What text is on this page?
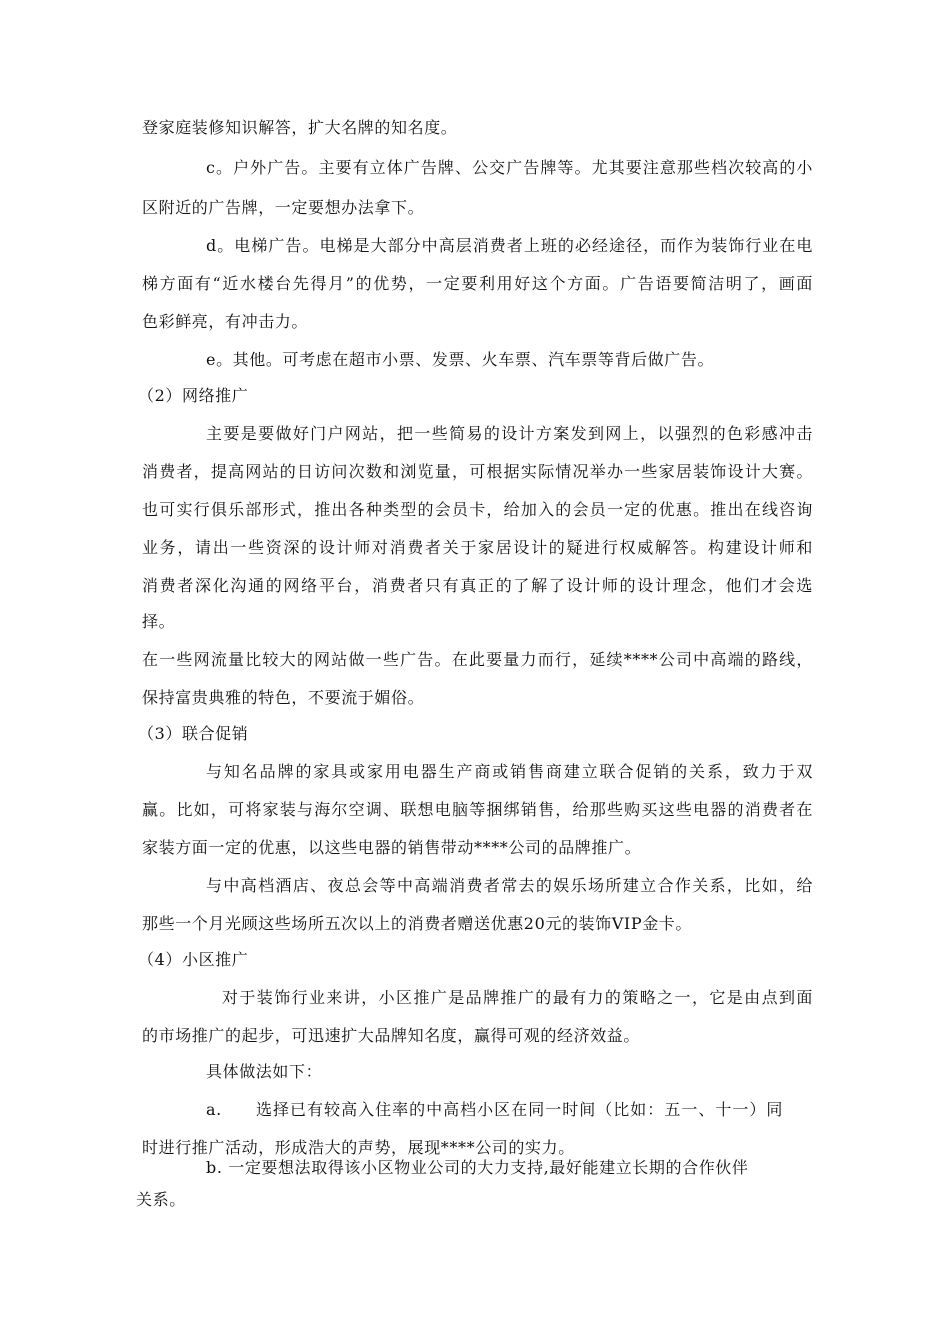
登家庭装修知识解答，扩大名牌的知名度。
c。户外广告。主要有立体广告牌、公交广告牌等。尤其要注意那些档次较高的小
区附近的广告牌，一定要想办法拿下。
d。电梯广告。电梯是大部分中高层消费者上班的必经途径，而作为装饰行业在电
梯方面有“近水楼台先得月”的优势，一定要利用好这个方面。广告语要简洁明了，画面
色彩鲜亮，有冲击力。
e。其他。可考虑在超市小票、发票、火车票、汽车票等背后做广告。
（2）网络推广
主要是要做好门户网站，把一些简易的设计方案发到网上，以强烈的色彩感冲击
消费者，提高网站的日访问次数和浏览量，可根据实际情况举办一些家居装饰设计大赛。
也可实行俱乐部形式，推出各种类型的会员卡，给加入的会员一定的优惠。推出在线咨询
业务，请出一些资深的设计师对消费者关于家居设计的疑进行权威解答。构建设计师和
消费者深化沟通的网络平台，消费者只有真正的了解了设计师的设计理念，他们才会选
择。
在一些网流量比较大的网站做一些广告。在此要量力而行，延续****公司中高端的路线，
保持富贵典雅的特色，不要流于媚俗。
（3）联合促销
与知名品牌的家具或家用电器生产商或销售商建立联合促销的关系，致力于双
赢。比如，可将家装与海尔空调、联想电脑等捆绑销售，给那些购买这些电器的消费者在
家装方面一定的优惠，以这些电器的销售带动****公司的品牌推广。
与中高档酒店、夜总会等中高端消费者常去的娱乐场所建立合作关系，比如，给
那些一个月光顾这些场所五次以上的消费者赠送优惠20元的装饰VIP金卡。
（4）小区推广
对于装饰行业来讲，小区推广是品牌推广的最有力的策略之一，它是由点到面
的市场推广的起步，可迅速扩大品牌知名度，赢得可观的经济效益。
具体做法如下：
a. 选择已有较高入住率的中高档小区在同一时间（比如：五一、十一）同
时进行推广活动，形成浩大的声势，展现****公司的实力。
b. 一定要想法取得该小区物业公司的大力支持,最好能建立长期的合作伙伴
关系。
